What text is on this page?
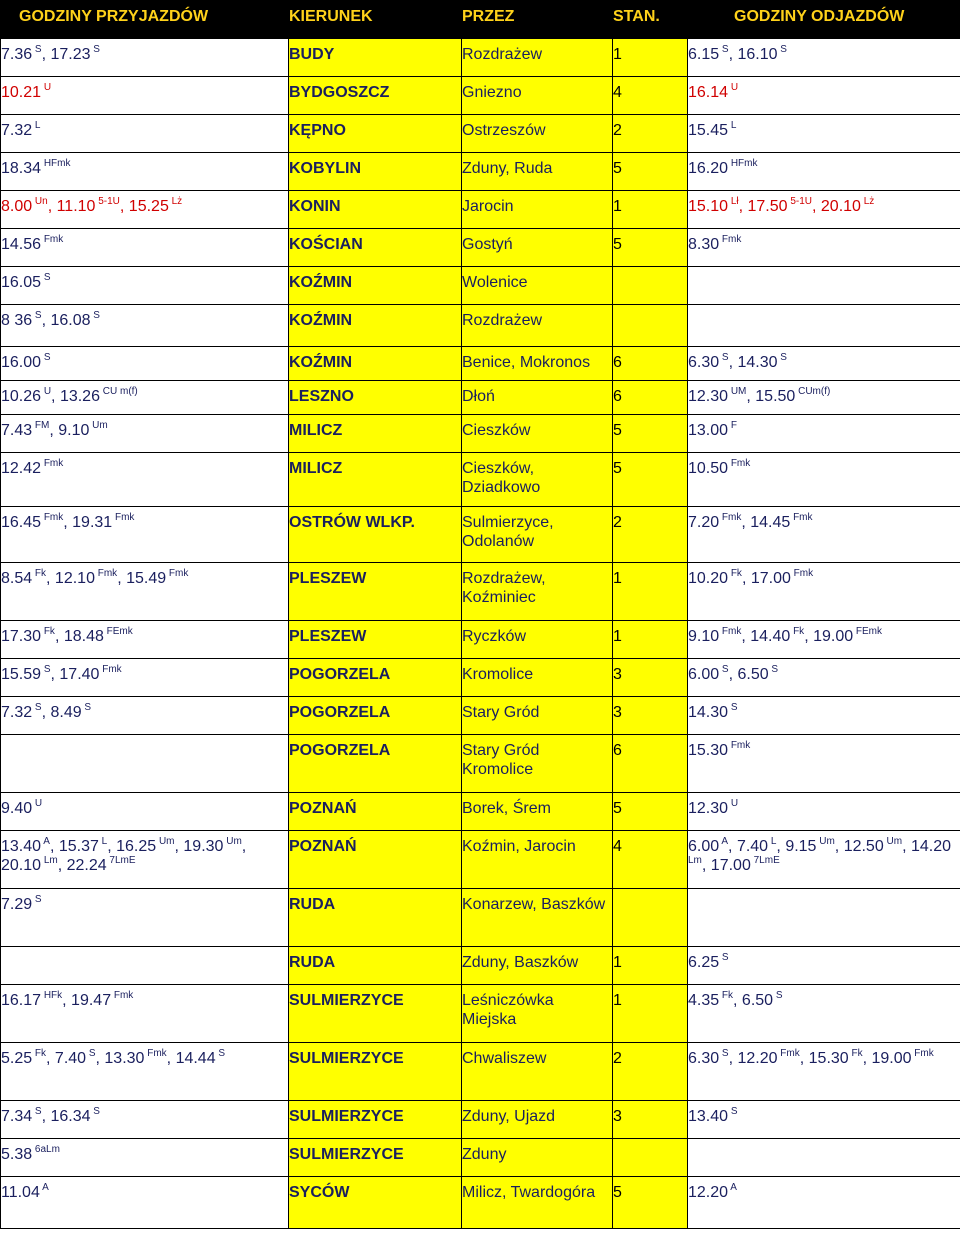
GODZINY PRZYJAZDÓW	KIERUNEK	PRZEZ	STAN.	GODZINY ODJAZDÓW
7.36 $^S$, 17.23 $^S$	BUDY	Rozdrażew	1	6.15 $^S$, 16.10 $^S$
10.21 $^U$	BYDGOSZCZ	Gniezno	4	16.14 $^U$
7.32 $^L$	KĘPNO	Ostrzeszów	2	15.45 $^L$
18.34 $^{HFmk}$	KOBYLIN	Zduny, Ruda	5	16.20 $^{HFmk}$
8.00 $^{Un}$, 11.10 $^{5-1U}$, 15.25 $^{Lż}$	KONIN	Jarocin	1	15.10 $^{Lł}$, 17.50 $^{5-1U}$, 20.10 $^{Lż}$
14.56 $^{Fmk}$	KOŚCIAN	Gostyń	5	8.30 $^{Fmk}$
16.05 $^S$	KOŹMIN	Wolenice		
8 36 $^S$, 16.08 $^S$	KOŹMIN	Rozdrażew		
16.00 $^S$	KOŹMIN	Benice, Mokronos	6	6.30 $^S$, 14.30 $^S$
10.26 $^U$, 13.26 $^{CU m(f)}$	LESZNO	Dłoń	6	12.30 $^{UM}$, 15.50 $^{CUm(f)}$
7.43 $^{FM}$, 9.10 $^{Um}$	MILICZ	Cieszków	5	13.00 $^F$
12.42 $^{Fmk}$	MILICZ	Cieszków, Dziadkowo	5	10.50 $^{Fmk}$
16.45 $^{Fmk}$, 19.31 $^{Fmk}$	OSTRÓW WLKP.	Sulmierzyce, Odolanów	2	7.20 $^{Fmk}$, 14.45 $^{Fmk}$
8.54 $^{Fk}$, 12.10 $^{Fmk}$, 15.49 $^{Fmk}$	PLESZEW	Rozdrażew, Koźminiec	1	10.20 $^{Fk}$, 17.00 $^{Fmk}$
17.30 $^{Fk}$, 18.48 $^{FEmk}$	PLESZEW	Ryczków	1	9.10 $^{Fmk}$, 14.40 $^{Fk}$, 19.00 $^{FEmk}$
15.59 $^S$, 17.40 $^{Fmk}$	POGORZELA	Kromolice	3	6.00 $^S$, 6.50 $^S$
7.32 $^S$, 8.49 $^S$	POGORZELA	Stary Gród	3	14.30 $^S$
	POGORZELA	Stary Gród Kromolice	6	15.30 $^{Fmk}$
9.40 $^U$	POZNAŃ	Borek, Śrem	5	12.30 $^U$
13.40 $^A$, 15.37 $^L$, 16.25 $^{Um}$, 19.30 $^{Um}$, 20.10 $^{Lm}$, 22.24 $^{7LmE}$	POZNAŃ	Koźmin, Jarocin	4	6.00 $^A$, 7.40 $^L$, 9.15 $^{Um}$, 12.50 $^{Um}$, 14.20 $^{Lm}$, 17.00 $^{7LmE}$
7.29 $^S$	RUDA	Konarzew, Baszków		
	RUDA	Zduny, Baszków	1	6.25 $^S$
16.17 $^{HFk}$, 19.47 $^{Fmk}$	SULMIERZYCE	Leśniczówka Miejska	1	4.35 $^{Fk}$, 6.50 $^S$
5.25 $^{Fk}$, 7.40 $^S$, 13.30 $^{Fmk}$, 14.44 $^S$	SULMIERZYCE	Chwaliszew	2	6.30 $^S$, 12.20 $^{Fmk}$, 15.30 $^{Fk}$, 19.00 $^{Fmk}$
7.34 $^S$, 16.34 $^S$	SULMIERZYCE	Zduny, Ujazd	3	13.40 $^S$
5.38 $^{6aLm}$	SULMIERZYCE	Zduny		
11.04 $^A$	SYCÓW	Milicz, Twardogóra	5	12.20 $^A$
